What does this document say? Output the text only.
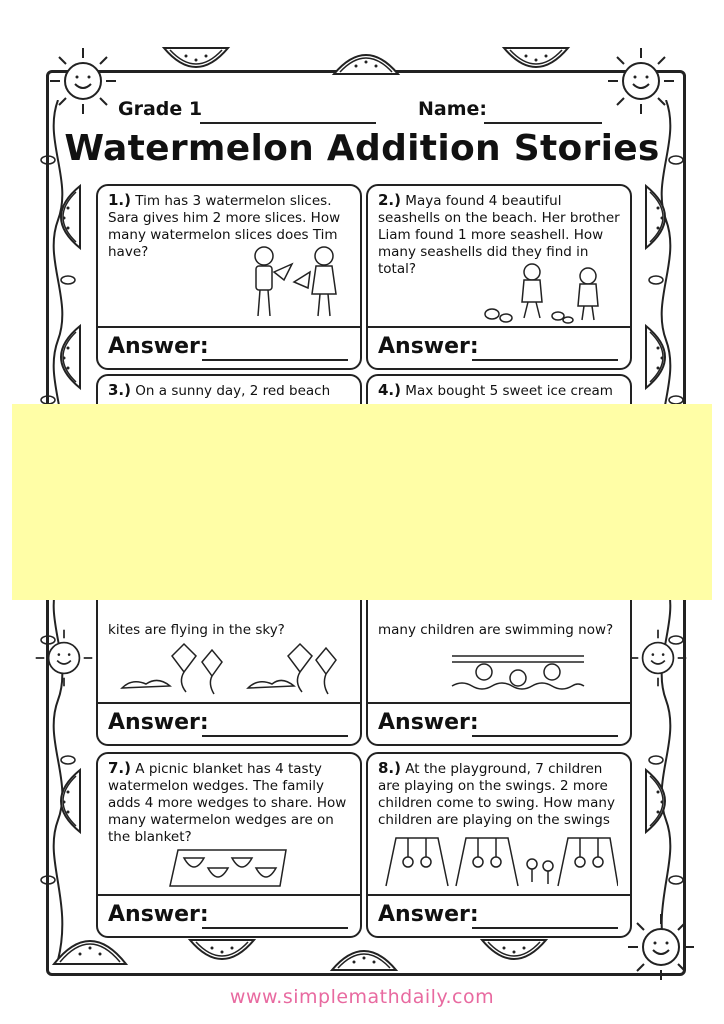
Grade 1	Name:
Watermelon Addition Stories
1.) Tim has 3 watermelon slices. Sara gives him 2 more slices. How many watermelon slices does Tim have?
Answer:
2.) Maya found 4 beautiful seashells on the beach. Her brother Liam found 1 more seashell. How many seashells did they find in total?
Answer:
3.) On a sunny day, 2 red beach	4.) Max bought 5 sweet ice cream
kites are flying in the sky?
Answer:
many children are swimming now?
Answer:
7.) A picnic blanket has 4 tasty watermelon wedges. The family adds 4 more wedges to share. How many watermelon wedges are on the blanket?
Answer:
8.) At the playground, 7 children are playing on the swings. 2 more children come to swing. How many children are playing on the swings
Answer:
www.simplemathdaily.com
